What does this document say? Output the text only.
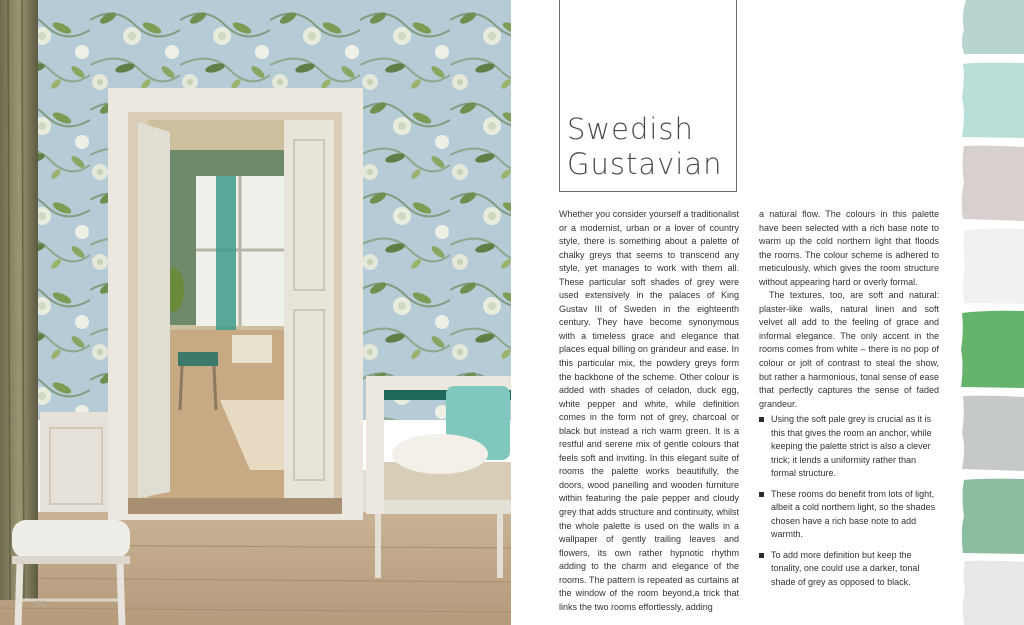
56
Swedish
Gustavian

Whether you consider yourself a traditionalist or a modernist, urban or a lover of country style, there is something about a palette of chalky greys that seems to transcend any style, yet manages to work with them all. These particular soft shades of grey were used extensively in the palaces of King Gustav III of Sweden in the eighteenth century. They have become synonymous with a timeless grace and elegance that places equal billing on grandeur and ease. In this particular mix, the powdery greys form the backbone of the scheme. Other colour is added with shades of celadon, duck egg, white pepper and white, while definition comes in the form not of grey, charcoal or black but instead a rich warm green. It is a restful and serene mix of gentle colours that feels soft and inviting. In this elegant suite of rooms the palette works beautifully, the doors, wood panelling and wooden furniture within featuring the pale pepper and cloudy grey that adds structure and continuity, whilst the whole palette is used on the walls in a wallpaper of gently trailing leaves and flowers, its own rather hypnotic rhythm adding to the charm and elegance of the rooms. The pattern is repeated as curtains at the window of the room beyond,a trick that links the two rooms effortlessly, adding

a natural flow. The colours in this palette have been selected with a rich base note to warm up the cold northern light that floods the rooms. The colour scheme is adhered to meticulously, which gives the room structure without appearing hard or overly formal.

The textures, too, are soft and natural: plaster-like walls, natural linen and soft velvet all add to the feeling of grace and informal elegance. The only accent in the rooms comes from white – there is no pop of colour or jolt of contrast to steal the show, but rather a harmonious, tonal sense of ease that perfectly captures the sense of faded grandeur.

Using the soft pale grey is crucial as it is this that gives the room an anchor, while keeping the palette strict is also a clever trick; it lends a uniformity rather than formal structure.
These rooms do benefit from lots of light, albeit a cold northern light, so the shades chosen have a rich base note to add warmth.
To add more definition but keep the tonality, one could use a darker, tonal shade of grey as opposed to black.
